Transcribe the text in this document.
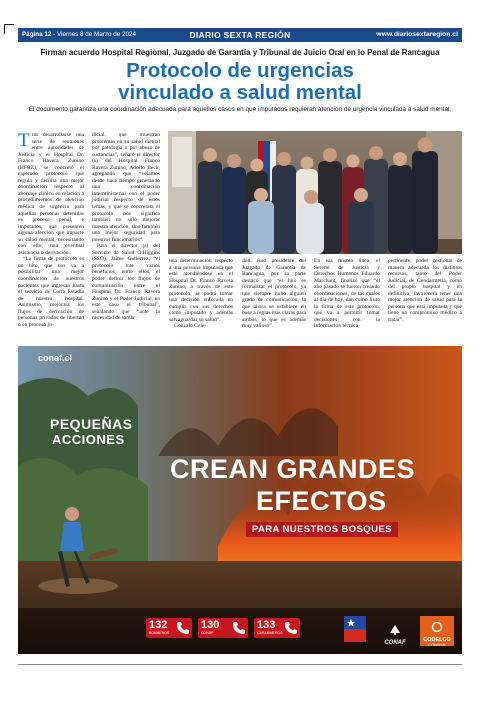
Página 12 - Viernes 8 de Marzo de 2024	DIARIO SEXTA REGIÓN	www.diariosextaregion.cl
Firman acuerdo Hospital Regional, Juzgado de Garantía y Tribunal de Juicio Oral en lo Penal de Rancagua
Protocolo de urgencias
vinculado a salud mental
El documento garantiza una coordinación adecuada para aquellos casos en que imputados requieran atención de urgencia vinculada a salud mental.

Tras desarrollarse una serie de reuniones entre autoridades de Justicia y el Hospital Dr. Franco Ravera Zunino (HFRZ), se concretó el esperado protocolo que regula y facilita una mejor coordinación respecto al abordaje clínico en relación a procedimientos de atención médica de urgencia para aquellas personas detenidas en proceso penal, e imputados, que presenten alguna afección que impacte su salud mental, necesitando con ello, una eventual asistencia o derivación.

“La firma de protocolo es un hito, que nos va a posibilitar una mejor coordinación de nuestros pacientes que ingresan hasta el servicio de Corta Estadía de nuestro hospital. Asimismo, mejorará los flujos de derivación de personas privadas de libertad o en proceso ju-

dicial, que muestran problemas en su salud mental por patología o por abuso de sustancias”, señaló el director (s) del Hospital Franco Ravera Zunino, Adolfo Beck, agregando que “veíamos desde hace tiempo generando una coordinación interministerial con el poder judicial respecto de estos temas, y que se concretara el protocolo nos significa también no solo mejorar nuestra atención, sino también una mejor seguridad para nuestros funcionarios”.

Para el director (s) del Servicio de Salud O'Higgins (SSO), Jaime Gutiérrez, “el protocolo trae varios beneficios, entre ellos, el poder definir los flujos de comunicación entre el Hospital Dr. Franco Ravera Zunino y el Poder Judicial, en este caso el tribunal”, señalando que “ante la necesidad de tomar

una determinación respecto a una persona imputada que esté atendiéndose en el Hospital Dr. Franco Ravera Zunino, a través de este protocolo, se podrá tomar una decisión enfocada en cumplir con sus derechos como imputado y además salvaguardar su salud”.

Gonzalo Cele-

dón, Juez presidente del Juzgado de Garantía de Rancagua, por su parte destacó que “el hito es formalizar el protocolo, ya que siempre hubo alguien grado de comunicación, la que ahora se establece en base a reglas más claras para ambos, lo que es además muy valioso”.

En esa misma línea, el Seremi de Justicia y Derechos Humanos Eduardo Marchant, finalizó que “el año pasado se fueron creando coordinaciones, de las cuales al día de hoy, dan como fruto la firma de este protocolo, que va a permitir tomar decisiones con la información técnica

pertinente, poder gestionar de manera adecuada los distintos recursos, tanto del Poder Judicial, de Gendarmería, cómo del propio hospital y en definitiva, favorecerá tener una mejor atención de salud para la persona que está imputada y que tiene un compromiso médico a tratar”.

conaf.cl
PEQUEÑAS
ACCIONES
CREAN GRANDES
EFECTOS
PARA NUESTROS BOSQUES
132
BOMBEROS
130
CONAF
133
CARABINEROS
CONAF	CODELCO
El Teniente
